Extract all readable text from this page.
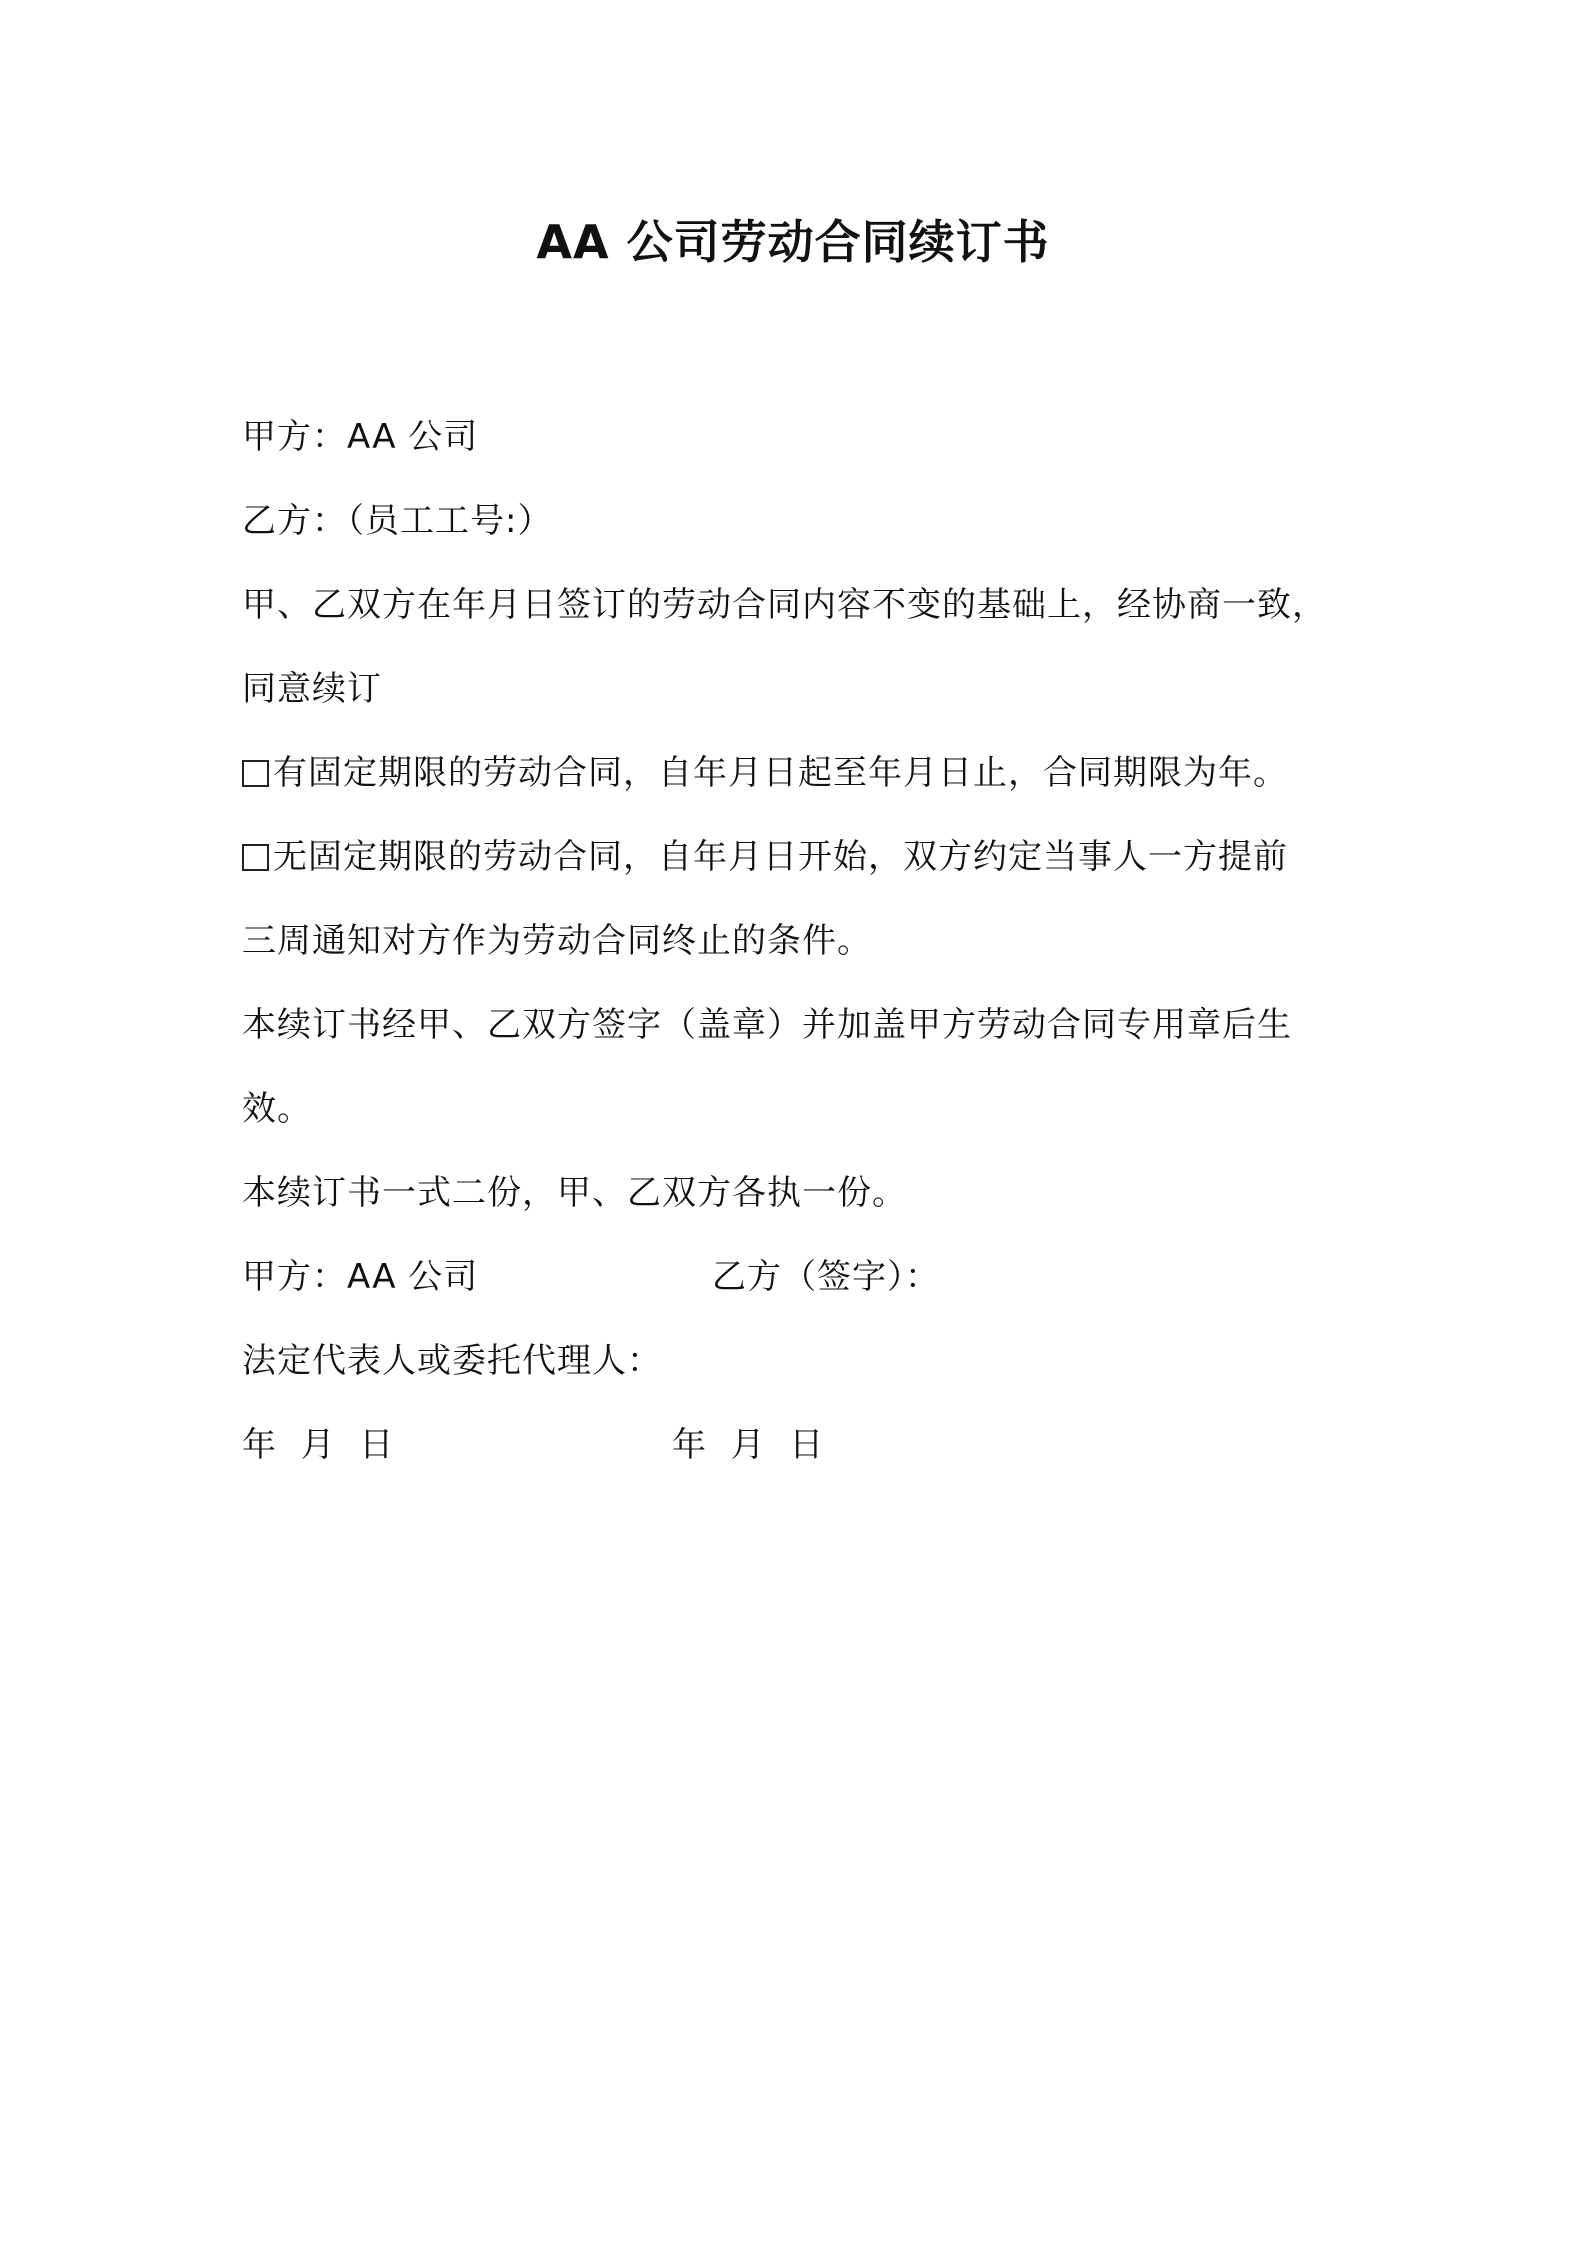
AA 公司劳动合同续订书
甲方：AA 公司
乙方：（员工工号:）
甲、乙双方在年月日签订的劳动合同内容不变的基础上，经协商一致，
同意续订
有固定期限的劳动合同，自年月日起至年月日止，合同期限为年。
无固定期限的劳动合同，自年月日开始，双方约定当事人一方提前
三周通知对方作为劳动合同终止的条件。
本续订书经甲、乙双方签字（盖章）并加盖甲方劳动合同专用章后生
效。
本续订书一式二份，甲、乙双方各执一份。
甲方：AA 公司	乙方（签字）：
法定代表人或委托代理人：
年  月  日	年  月  日
